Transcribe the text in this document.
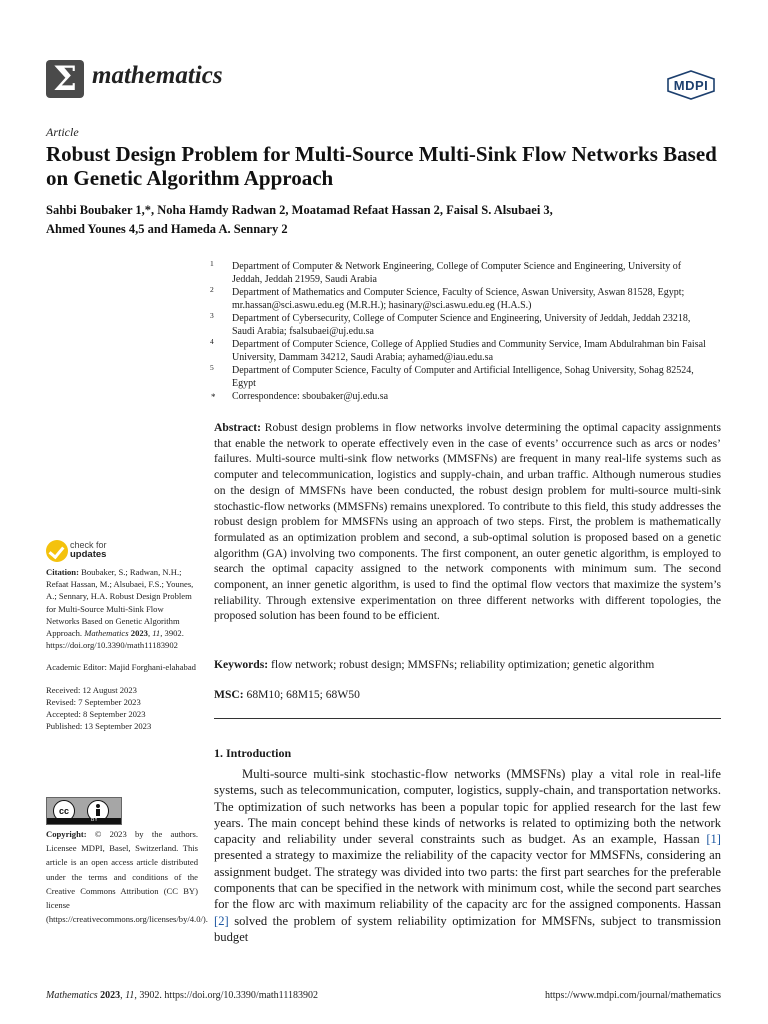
Σ mathematics	MDPI
Article
Robust Design Problem for Multi-Source Multi-Sink Flow Networks Based on Genetic Algorithm Approach
Sahbi Boubaker 1,*, Noha Hamdy Radwan 2, Moatamad Refaat Hassan 2, Faisal S. Alsubaei 3,
Ahmed Younes 4,5 and Hameda A. Sennary 2
1 Department of Computer & Network Engineering, College of Computer Science and Engineering, University of Jeddah, Jeddah 21959, Saudi Arabia
2 Department of Mathematics and Computer Science, Faculty of Science, Aswan University, Aswan 81528, Egypt; mr.hassan@sci.aswu.edu.eg (M.R.H.); hasinary@sci.aswu.edu.eg (H.A.S.)
3 Department of Cybersecurity, College of Computer Science and Engineering, University of Jeddah, Jeddah 23218, Saudi Arabia; fsalsubaei@uj.edu.sa
4 Department of Computer Science, College of Applied Studies and Community Service, Imam Abdulrahman bin Faisal University, Dammam 34212, Saudi Arabia; ayhamed@iau.edu.sa
5 Department of Computer Science, Faculty of Computer and Artificial Intelligence, Sohag University, Sohag 82524, Egypt
* Correspondence: sboubaker@uj.edu.sa
Abstract: Robust design problems in flow networks involve determining the optimal capacity assignments that enable the network to operate effectively even in the case of events’ occurrence such as arcs or nodes’ failures. Multi-source multi-sink flow networks (MMSFNs) are frequent in many real-life systems such as computer and telecommunication, logistics and supply-chain, and urban traffic. Although numerous studies on the design of MMSFNs have been conducted, the robust design problem for multi-source multi-sink stochastic-flow networks (MMSFNs) remains unexplored. To contribute to this field, this study addresses the robust design problem for MMSFNs using an approach of two steps. First, the problem is mathematically formulated as an optimization problem and second, a sub-optimal solution is proposed based on a genetic algorithm (GA) involving two components. The first component, an outer genetic algorithm, is employed to search the optimal capacity assigned to the network components with minimum sum. The second component, an inner genetic algorithm, is used to find the optimal flow vectors that maximize the system’s reliability. Through extensive experimentation on three different networks with different topologies, the proposed solution has been found to be efficient.
Keywords: flow network; robust design; MMSFNs; reliability optimization; genetic algorithm
MSC: 68M10; 68M15; 68W50
check for
updates

Citation: Boubaker, S.; Radwan, N.H.; Refaat Hassan, M.; Alsubaei, F.S.; Younes, A.; Sennary, H.A. Robust Design Problem for Multi-Source Multi-Sink Flow Networks Based on Genetic Algorithm Approach. Mathematics 2023, 11, 3902. https://doi.org/10.3390/math11183902

Academic Editor: Majid Forghani-elahabad

Received: 12 August 2023

Revised: 7 September 2023

Accepted: 8 September 2023

Published: 13 September 2023

cc
BY
Copyright: © 2023 by the authors. Licensee MDPI, Basel, Switzerland. This article is an open access article distributed under the terms and conditions of the Creative Commons Attribution (CC BY) license (https://creativecommons.org/licenses/by/4.0/).
1. Introduction
Multi-source multi-sink stochastic-flow networks (MMSFNs) play a vital role in real-life systems, such as telecommunication, computer, logistics, supply-chain, and transportation networks. The optimization of such networks has been a popular topic for applied research for the last few years. The main concept behind these kinds of networks is related to optimizing both the network capacity and reliability under several constraints such as budget. As an example, Hassan [1] presented a strategy to maximize the reliability of the capacity vector for MMSFNs, considering an assignment budget. The strategy was divided into two parts: the first part searches for the preferable components that can be specified in the network with minimum cost, while the second part searches for the flow arc with maximum reliability of the capacity arc for the assigned components. Hassan [2] solved the problem of system reliability optimization for MMSFNs, subject to transmission budget
Mathematics 2023, 11, 3902. https://doi.org/10.3390/math11183902	https://www.mdpi.com/journal/mathematics
